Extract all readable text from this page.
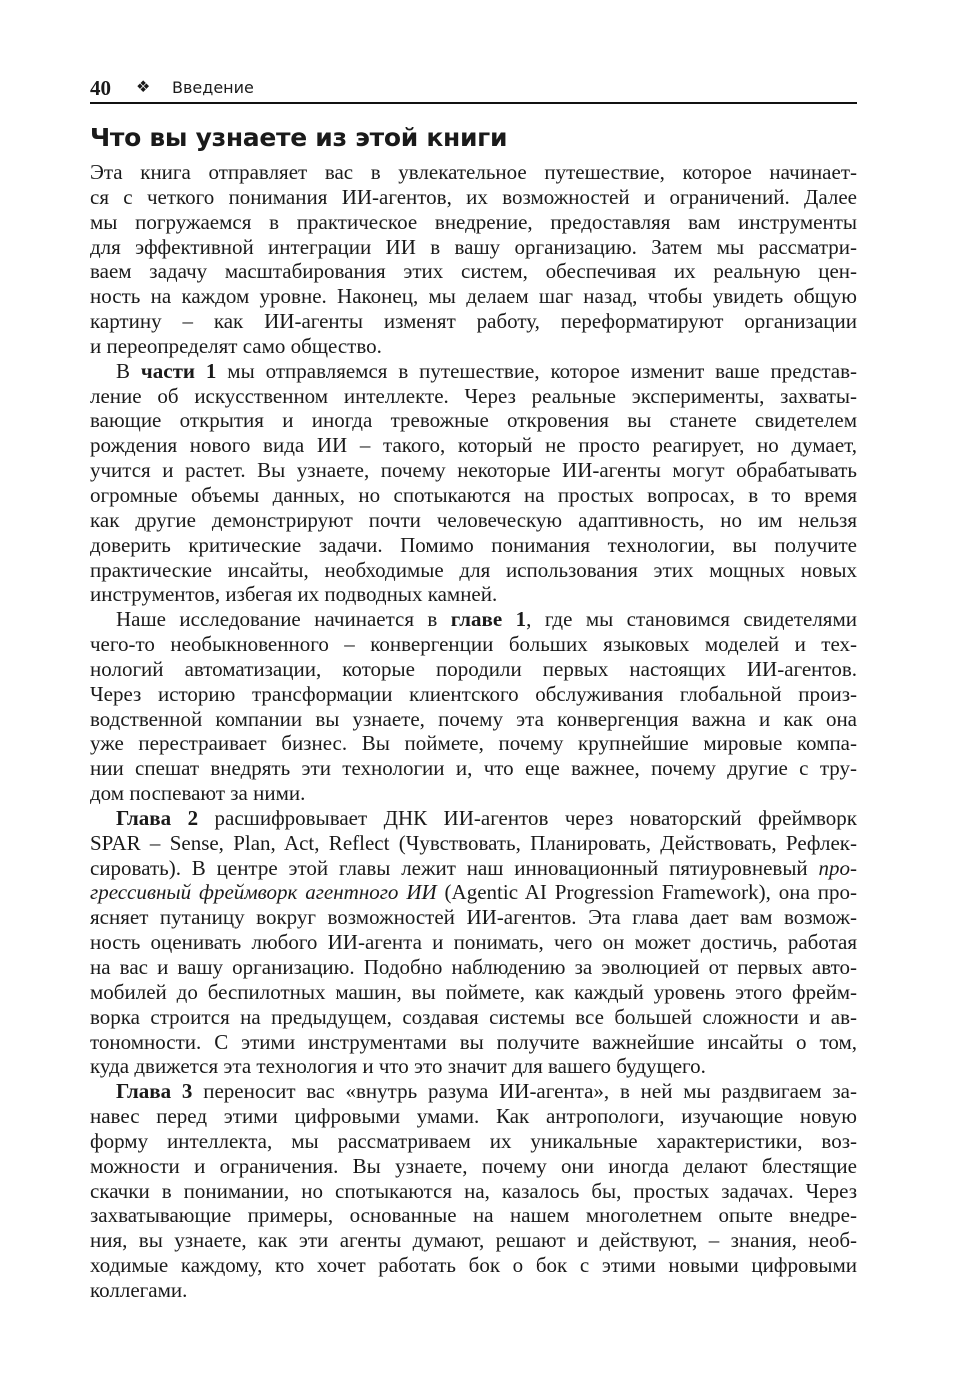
40 ❖ Введение
Что вы узнаете из этой книги
Эта книга отправляет вас в увлекательное путешествие, которое начинает-
ся с четкого понимания ИИ-агентов, их возможностей и ограничений. Далее
мы погружаемся в практическое внедрение, предоставляя вам инструменты
для эффективной интеграции ИИ в вашу организацию. Затем мы рассматри-
ваем задачу масштабирования этих систем, обеспечивая их реальную цен-
ность на каждом уровне. Наконец, мы делаем шаг назад, чтобы увидеть общую
картину – как ИИ-агенты изменят работу, переформатируют организации
и переопределят само общество.
В части 1 мы отправляемся в путешествие, которое изменит ваше представ-
ление об искусственном интеллекте. Через реальные эксперименты, захваты-
вающие открытия и иногда тревожные откровения вы станете свидетелем
рождения нового вида ИИ – такого, который не просто реагирует, но думает,
учится и растет. Вы узнаете, почему некоторые ИИ-агенты могут обрабатывать
огромные объемы данных, но спотыкаются на простых вопросах, в то время
как другие демонстрируют почти человеческую адаптивность, но им нельзя
доверить критические задачи. Помимо понимания технологии, вы получите
практические инсайты, необходимые для использования этих мощных новых
инструментов, избегая их подводных камней.
Наше исследование начинается в главе 1, где мы становимся свидетелями
чего-то необыкновенного – конвергенции больших языковых моделей и тех-
нологий автоматизации, которые породили первых настоящих ИИ-агентов.
Через историю трансформации клиентского обслуживания глобальной произ-
водственной компании вы узнаете, почему эта конвергенция важна и как она
уже перестраивает бизнес. Вы поймете, почему крупнейшие мировые компа-
нии спешат внедрять эти технологии и, что еще важнее, почему другие с тру-
дом поспевают за ними.
Глава 2 расшифровывает ДНК ИИ-агентов через новаторский фреймворк
SPAR – Sense, Plan, Act, Reflect (Чувствовать, Планировать, Действовать, Рефлек-
сировать). В центре этой главы лежит наш инновационный пятиуровневый про-
грессивный фреймворк агентного ИИ (Agentic AI Progression Framework), она про-
ясняет путаницу вокруг возможностей ИИ-агентов. Эта глава дает вам возмож-
ность оценивать любого ИИ-агента и понимать, чего он может достичь, работая
на вас и вашу организацию. Подобно наблюдению за эволюцией от первых авто-
мобилей до беспилотных машин, вы поймете, как каждый уровень этого фрейм-
ворка строится на предыдущем, создавая системы все большей сложности и ав-
тономности. С этими инструментами вы получите важнейшие инсайты о том,
куда движется эта технология и что это значит для вашего будущего.
Глава 3 переносит вас «внутрь разума ИИ-агента», в ней мы раздвигаем за-
навес перед этими цифровыми умами. Как антропологи, изучающие новую
форму интеллекта, мы рассматриваем их уникальные характеристики, воз-
можности и ограничения. Вы узнаете, почему они иногда делают блестящие
скачки в понимании, но спотыкаются на, казалось бы, простых задачах. Через
захватывающие примеры, основанные на нашем многолетнем опыте внедре-
ния, вы узнаете, как эти агенты думают, решают и действуют, – знания, необ-
ходимые каждому, кто хочет работать бок о бок с этими новыми цифровыми
коллегами.
